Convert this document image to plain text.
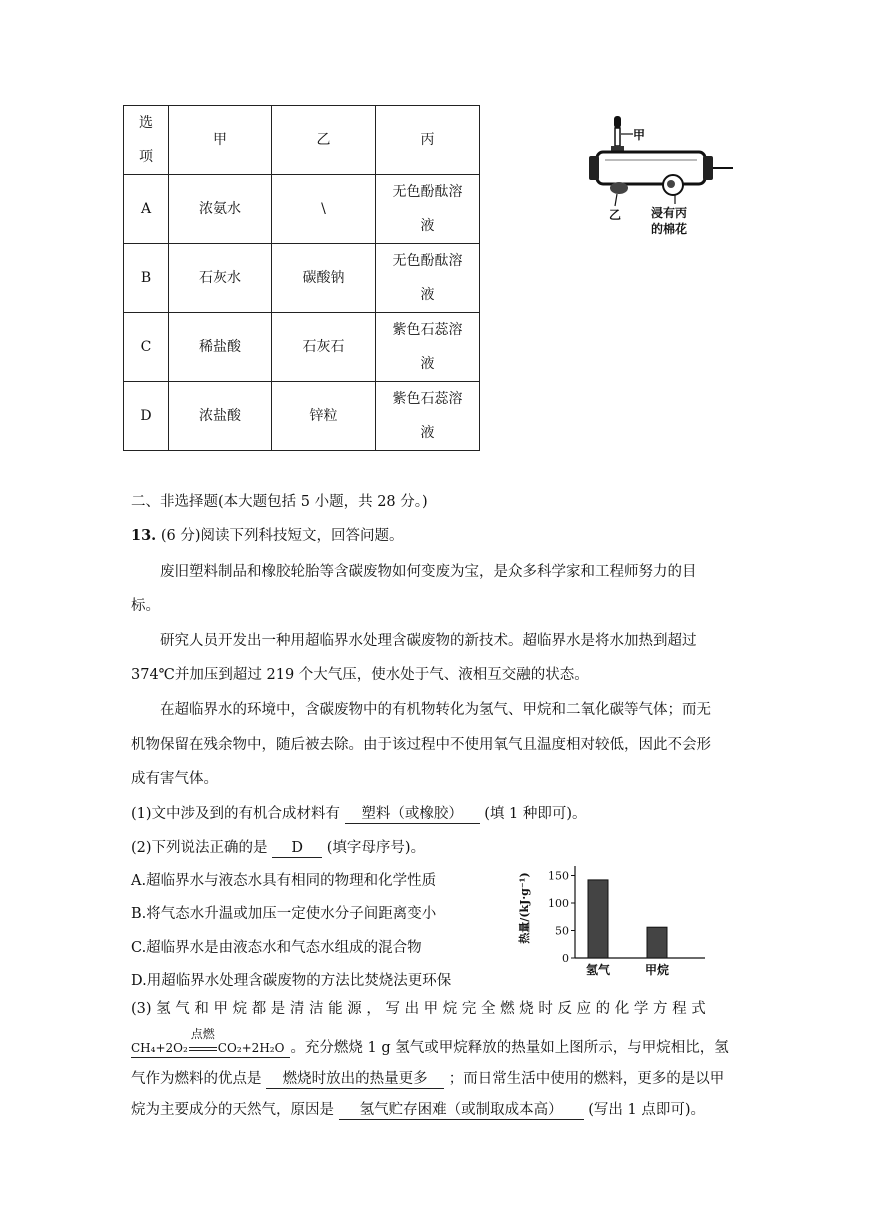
选
项	甲	乙	丙
A	浓氨水	\	无色酚酞溶液
B	石灰水	碳酸钠	无色酚酞溶液
C	稀盐酸	石灰石	紫色石蕊溶液
D	浓盐酸	锌粒	紫色石蕊溶液
甲
乙 浸有丙
的棉花
二、非选择题(本大题包括 5 小题，共 28 分。)
13. (6 分)阅读下列科技短文，回答问题。
废旧塑料制品和橡胶轮胎等含碳废物如何变废为宝，是众多科学家和工程师努力的目
标。
研究人员开发出一种用超临界水处理含碳废物的新技术。超临界水是将水加热到超过
374℃并加压到超过 219 个大气压，使水处于气、液相互交融的状态。
在超临界水的环境中，含碳废物中的有机物转化为氢气、甲烷和二氧化碳等气体；而无
机物保留在残余物中，随后被去除。由于该过程中不使用氧气且温度相对较低，因此不会形
成有害气体。
(1)文中涉及到的有机合成材料有 塑料（或橡胶） (填 1 种即可)。
(2)下列说法正确的是 D (填字母序号)。
A.超临界水与液态水具有相同的物理和化学性质
B.将气态水升温或加压一定使水分子间距离变小
C.超临界水是由液态水和气态水组成的混合物
D.用超临界水处理含碳废物的方法比焚烧法更环保
热量/(kJ·g⁻¹)
0
50
100
150
氢气	甲烷
(3) 氢 气 和 甲 烷 都 是 清 洁 能 源 ， 写 出 甲 烷 完 全 燃 烧 时 反 应 的 化 学 方 程 式
CH₄+2O₂
点燃
CO₂+2H₂O 。充分燃烧 1 g 氢气或甲烷释放的热量如上图所示，与甲烷相比，氢
气作为燃料的优点是 燃烧时放出的热量更多 ；而日常生活中使用的燃料，更多的是以甲
烷为主要成分的天然气，原因是 氢气贮存困难（或制取成本高） (写出 1 点即可)。
